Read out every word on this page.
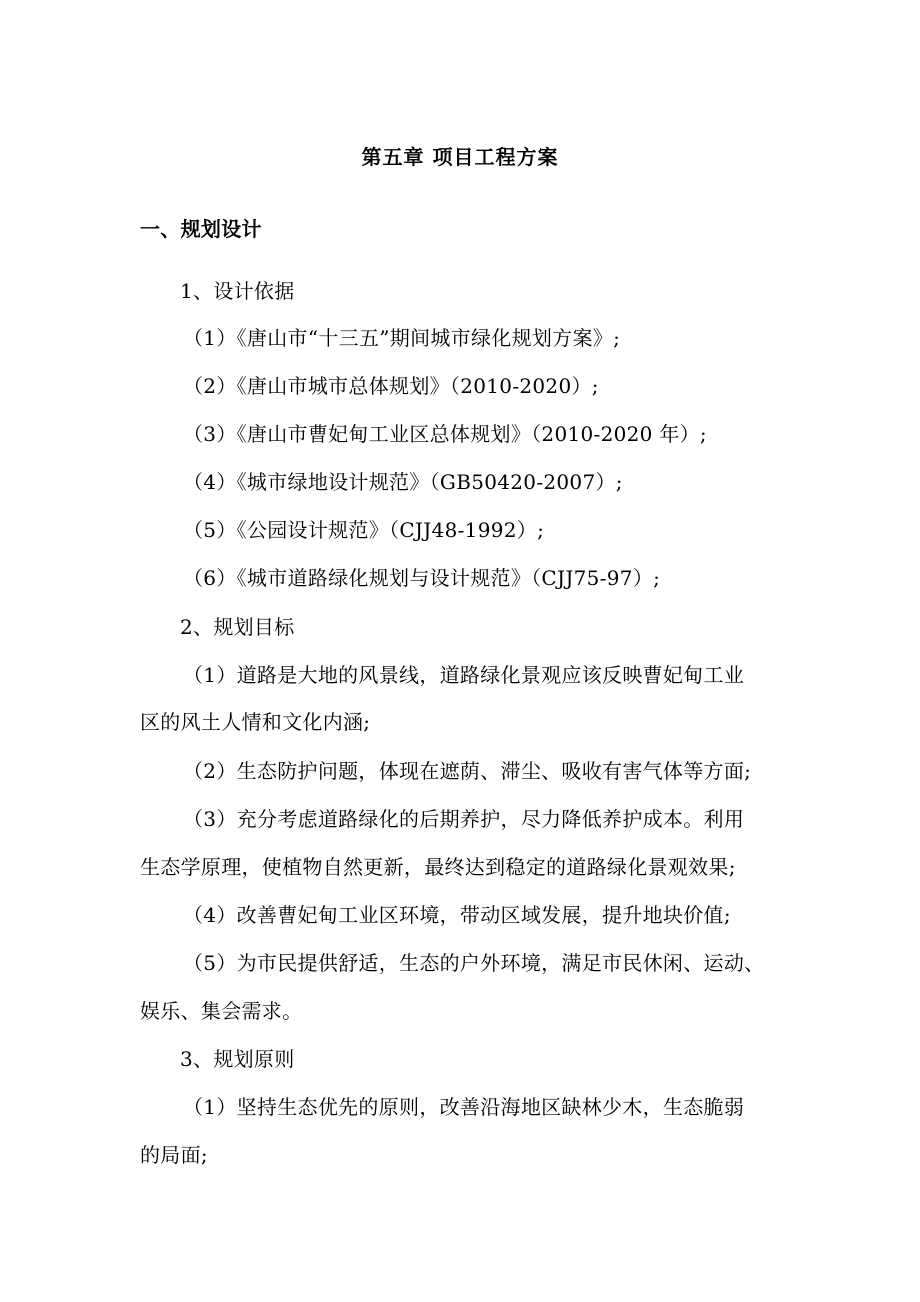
第五章 项目工程方案
一、规划设计
1、设计依据
（1）《唐山市“十三五”期间城市绿化规划方案》;
（2）《唐山市城市总体规划》（2010-2020）;
（3）《唐山市曹妃甸工业区总体规划》（2010-2020 年）;
（4）《城市绿地设计规范》（GB50420-2007）;
（5）《公园设计规范》（CJJ48-1992）;
（6）《城市道路绿化规划与设计规范》（CJJ75-97）;
2、规划目标
（1）道路是大地的风景线，道路绿化景观应该反映曹妃甸工业
区的风土人情和文化内涵;
（2）生态防护问题，体现在遮荫、滞尘、吸收有害气体等方面;
（3）充分考虑道路绿化的后期养护，尽力降低养护成本。利用
生态学原理，使植物自然更新，最终达到稳定的道路绿化景观效果;
（4）改善曹妃甸工业区环境，带动区域发展，提升地块价值;
（5）为市民提供舒适，生态的户外环境，满足市民休闲、运动、
娱乐、集会需求。
3、规划原则
（1）坚持生态优先的原则，改善沿海地区缺林少木，生态脆弱
的局面;
